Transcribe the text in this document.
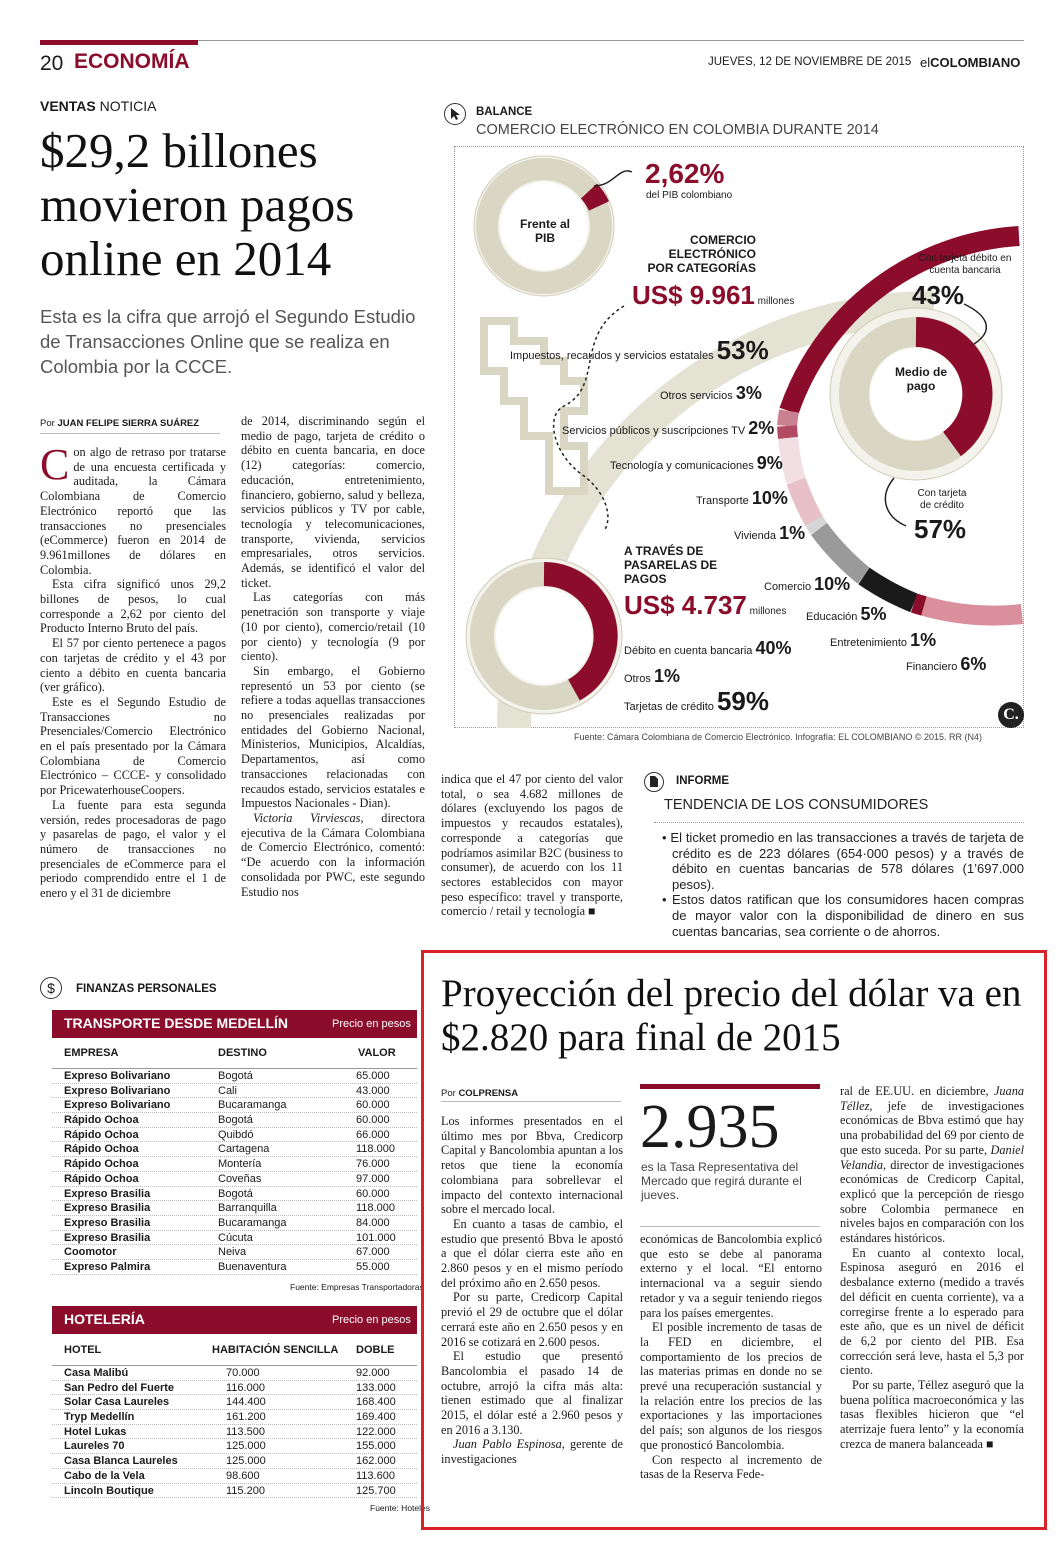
20 ECONOMÍA	JUEVES, 12 DE NOVIEMBRE DE 2015 elCOLOMBIANO
VENTAS NOTICIA
$29,2 billones movieron pagos online en 2014
Esta es la cifra que arrojó el Segundo Estudio de Transacciones Online que se realiza en Colombia por la CCCE.
Por JUAN FELIPE SIERRA SUÁREZ

Con algo de retraso por tratarse de una encuesta certificada y auditada, la Cámara Colombiana de Comercio Electrónico reportó que las transacciones no presenciales (eCommerce) fueron en 2014 de 9.961millones de dólares en Colombia.

Esta cifra significó unos 29,2 billones de pesos, lo cual corresponde a 2,62 por ciento del Producto Interno Bruto del país.

El 57 por ciento pertenece a pagos con tarjetas de crédito y el 43 por ciento a débito en cuenta bancaria (ver gráfico).

Este es el Segundo Estudio de Transacciones no Presenciales/Comercio Electrónico en el país presentado por la Cámara Colombiana de Comercio Electrónico – CCCE- y consolidado por PricewaterhouseCoopers.

La fuente para esta segunda versión, redes procesadoras de pago y pasarelas de pago, el valor y el número de transacciones no presenciales de eCommerce para el periodo comprendido entre el 1 de enero y el 31 de diciembre

de 2014, discriminando según el medio de pago, tarjeta de crédito o débito en cuenta bancaria, en doce (12) categorías: comercio, educación, entretenimiento, financiero, gobierno, salud y belleza, servicios públicos y TV por cable, tecnología y telecomunicaciones, transporte, vivienda, servicios empresariales, otros servicios. Además, se identificó el valor del ticket.

Las categorías con más penetración son transporte y viaje (10 por ciento), comercio/retail (10 por ciento) y tecnología (9 por ciento).

Sin embargo, el Gobierno representó un 53 por ciento (se refiere a todas aquellas transacciones no presenciales realizadas por entidades del Gobierno Nacional, Ministerios, Municipios, Alcaldías, Departamentos, así como transacciones relacionadas con recaudos estado, servicios estatales e Impuestos Nacionales - Dian).

Victoria Virviescas, directora ejecutiva de la Cámara Colombiana de Comercio Electrónico, comentó: “De acuerdo con la información consolidada por PWC, este segundo Estudio nos

indica que el 47 por ciento del valor total, o sea 4.682 millones de dólares (excluyendo los pagos de impuestos y recaudos estatales), corresponde a categorías que podríamos asimilar B2C (business to consumer), de acuerdo con los 11 sectores establecidos con mayor peso específico: travel y transporte, comercio / retail y tecnología ■

BALANCE
COMERCIO ELECTRÓNICO EN COLOMBIA DURANTE 2014
2,62%
del PIB colombiano
Frente al PIB	COMERCIO ELECTRÓNICO POR CATEGORÍAS
US$ 9.961 millones
Medio de pago
Con tarjeta débito en cuenta bancaria
43%
Con tarjeta de crédito
57%
Impuestos, recaudos y servicios estatales 53%
Otros servicios 3%
Servicios públicos y suscripciones TV 2%
Tecnología y comunicaciones 9%
Transporte 10%
Vivienda 1%
Comercio 10%
Educación 5%
Entretenimiento 1%
Financiero 6%
A TRAVÉS DE PASARELAS DE PAGOS
US$ 4.737 millones
Débito en cuenta bancaria 40%
Otros 1%
Tarjetas de crédito 59%	C.
Fuente: Cámara Colombiana de Comercio Electrónico. Infografía: EL COLOMBIANO © 2015. RR (N4)
INFORME
TENDENCIA DE LOS CONSUMIDORES
• El ticket promedio en las transacciones a través de tarjeta de crédito es de 223 dólares (654·000 pesos) y a través de débito en cuentas bancarias de 578 dólares (1’697.000 pesos).
• Estos datos ratifican que los consumidores hacen compras de mayor valor con la disponibilidad de dinero en sus cuentas bancarias, sea corriente o de ahorros.
$	FINANZAS PERSONALES
TRANSPORTE DESDE MEDELLÍN	Precio en pesos
EMPRESA	DESTINO	VALOR
Expreso Bolivariano	Bogotá	65.000
Expreso Bolivariano	Cali	43.000
Expreso Bolivariano	Bucaramanga	60.000
Rápido Ochoa	Bogotá	60.000
Rápido Ochoa	Quibdó	66.000
Rápido Ochoa	Cartagena	118.000
Rápido Ochoa	Montería	76.000
Rápido Ochoa	Coveñas	97.000
Expreso Brasilia	Bogotá	60.000
Expreso Brasilia	Barranquilla	118.000
Expreso Brasilia	Bucaramanga	84.000
Expreso Brasilia	Cúcuta	101.000
Coomotor	Neiva	67.000
Expreso Palmira	Buenaventura	55.000
Fuente: Empresas Transportadoras
HOTELERÍA	Precio en pesos
HOTEL	HABITACIÓN SENCILLA DOBLE
Casa Malibú	70.000	92.000
San Pedro del Fuerte	116.000	133.000
Solar Casa Laureles	144.400	168.400
Tryp Medellín	161.200	169.400
Hotel Lukas	113.500	122.000
Laureles 70	125.000	155.000
Casa Blanca Laureles	125.000	162.000
Cabo de la Vela	98.600	113.600
Lincoln Boutique	115.200	125.700
Fuente: Hoteles
Proyección del precio del dólar va en $2.820 para final de 2015
Por COLPRENSA

Los informes presentados en el último mes por Bbva, Credicorp Capital y Bancolombia apuntan a los retos que tiene la economía colombiana para sobrellevar el impacto del contexto internacional sobre el mercado local.

En cuanto a tasas de cambio, el estudio que presentó Bbva le apostó a que el dólar cierra este año en 2.860 pesos y en el mismo período del próximo año en 2.650 pesos.

Por su parte, Credicorp Capital previó el 29 de octubre que el dólar cerrará este año en 2.650 pesos y en 2016 se cotizará en 2.600 pesos.

El estudio que presentó Bancolombia el pasado 14 de octubre, arrojó la cifra más alta: tienen estimado que al finalizar 2015, el dólar esté a 2.960 pesos y en 2016 a 3.130.

Juan Pablo Espinosa, gerente de investigaciones

2.935
es la Tasa Representativa del Mercado que regirá durante el jueves.

económicas de Bancolombia explicó que esto se debe al panorama externo y el local. “El entorno internacional va a seguir siendo retador y va a seguir teniendo riegos para los países emergentes.

El posible incremento de tasas de la FED en diciembre, el comportamiento de los precios de las materias primas en donde no se prevé una recuperación sustancial y la relación entre los precios de las exportaciones y las importaciones del país; son algunos de los riesgos que pronosticó Bancolombia.

Con respecto al incremento de tasas de la Reserva Fede-

ral de EE.UU. en diciembre, Juana Téllez, jefe de investigaciones económicas de Bbva estimó que hay una probabilidad del 69 por ciento de que esto suceda. Por su parte, Daniel Velandia, director de investigaciones económicas de Credicorp Capital, explicó que la percepción de riesgo sobre Colombia permanece en niveles bajos en comparación con los estándares históricos.

En cuanto al contexto local, Espinosa aseguró en 2016 el desbalance externo (medido a través del déficit en cuenta corriente), va a corregirse frente a lo esperado para este año, que es un nivel de déficit de 6,2 por ciento del PIB. Esa corrección será leve, hasta el 5,3 por ciento.

Por su parte, Téllez aseguró que la buena política macroeconómica y las tasas flexibles hicieron que “el aterrizaje fuera lento” y la economía crezca de manera balanceada ■
